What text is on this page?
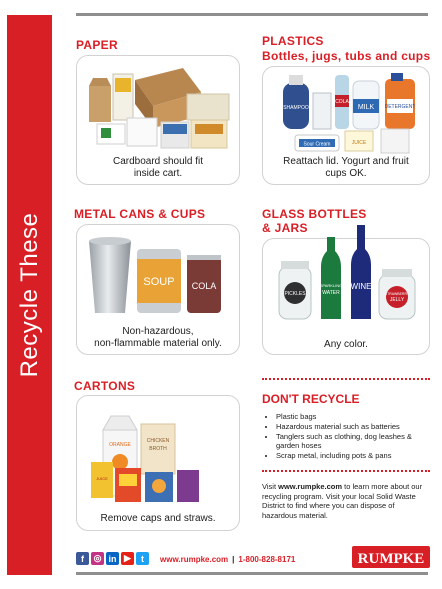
Recycle These
PAPER
Cardboard should fit
inside cart.
PLASTICS
Bottles, jugs, tubs and cups
SHAMPOO
COLA
MILK DETERGENT
Sour Cream	JUICE
Reattach lid. Yogurt and fruit
cups OK.
METAL CANS & CUPS
SOUP COLA
Non-hazardous,
non-flammable material only.
GLASS BOTTLES
& JARS
PICKLES
SPARKLING
WATER
WINE
STRAWBERRY
JELLY
Any color.
CARTONS
ORANGE
CHICKEN
BROTH
JUICE
Remove caps and straws.
DON'T RECYCLE
• Plastic bags
• Hazardous material such as batteries
• Tanglers such as clothing, dog leashes & garden hoses
• Scrap metal, including pots & pans
Visit www.rumpke.com to learn more about our recycling program. Visit your local Solid Waste District to find where you can dispose of hazardous material.
f	◎ in ▶	t	www.rumpke.com | 1-800-828-8171	RUMPKE
